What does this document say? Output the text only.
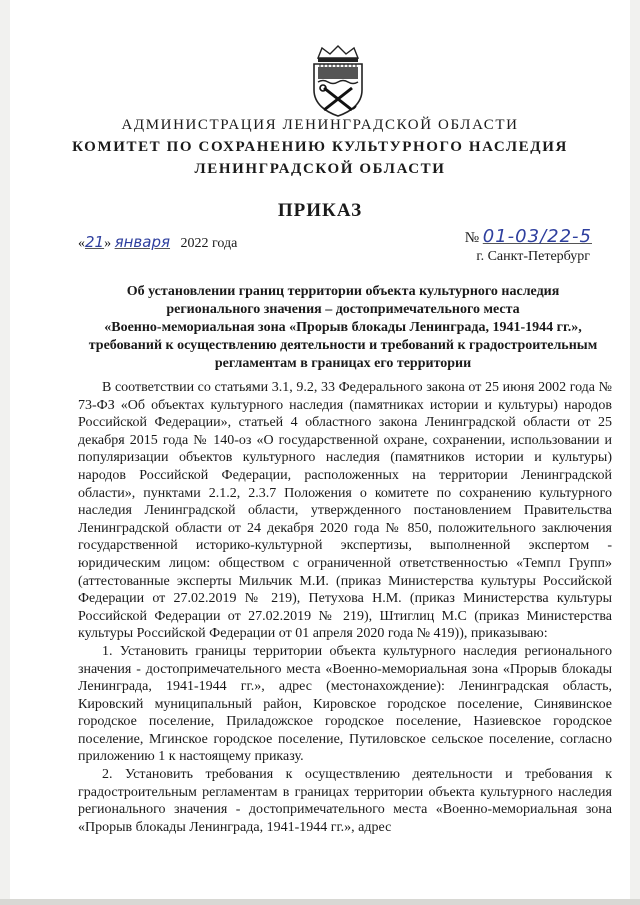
АДМИНИСТРАЦИЯ ЛЕНИНГРАДСКОЙ ОБЛАСТИ
КОМИТЕТ ПО СОХРАНЕНИЮ КУЛЬТУРНОГО НАСЛЕДИЯ
ЛЕНИНГРАДСКОЙ ОБЛАСТИ
ПРИКАЗ
«21» января 2022 года	№ 01-03/22-5
г. Санкт-Петербург
Об установлении границ территории объекта культурного наследия
регионального значения – достопримечательного места
«Военно-мемориальная зона «Прорыв блокады Ленинграда, 1941-1944 гг.»,
требований к осуществлению деятельности и требований к градостроительным
регламентам в границах его территории

В соответствии со статьями 3.1, 9.2, 33 Федерального закона от 25 июня 2002 года № 73-ФЗ «Об объектах культурного наследия (памятниках истории и культуры) народов Российской Федерации», статьей 4 областного закона Ленинградской области от 25 декабря 2015 года № 140-оз «О государственной охране, сохранении, использовании и популяризации объектов культурного наследия (памятников истории и культуры) народов Российской Федерации, расположенных на территории Ленинградской области», пунктами 2.1.2, 2.3.7 Положения о комитете по сохранению культурного наследия Ленинградской области, утвержденного постановлением Правительства Ленинградской области от 24 декабря 2020 года № 850, положительного заключения государственной историко-культурной экспертизы, выполненной экспертом - юридическим лицом: обществом с ограниченной ответственностью «Темпл Групп» (аттестованные эксперты Мильчик М.И. (приказ Министерства культуры Российской Федерации от 27.02.2019 № 219), Петухова Н.М. (приказ Министерства культуры Российской Федерации от 27.02.2019 № 219), Штиглиц М.С (приказ Министерства культуры Российской Федерации от 01 апреля 2020 года № 419)), приказываю:

1. Установить границы территории объекта культурного наследия регионального значения - достопримечательного места «Военно-мемориальная зона «Прорыв блокады Ленинграда, 1941-1944 гг.», адрес (местонахождение): Ленинградская область, Кировский муниципальный район, Кировское городское поселение, Синявинское городское поселение, Приладожское городское поселение, Назиевское городское поселение, Мгинское городское поселение, Путиловское сельское поселение, согласно приложению 1 к настоящему приказу.

2. Установить требования к осуществлению деятельности и требования к градостроительным регламентам в границах территории объекта культурного наследия регионального значения - достопримечательного места «Военно-мемориальная зона «Прорыв блокады Ленинграда, 1941-1944 гг.», адрес
